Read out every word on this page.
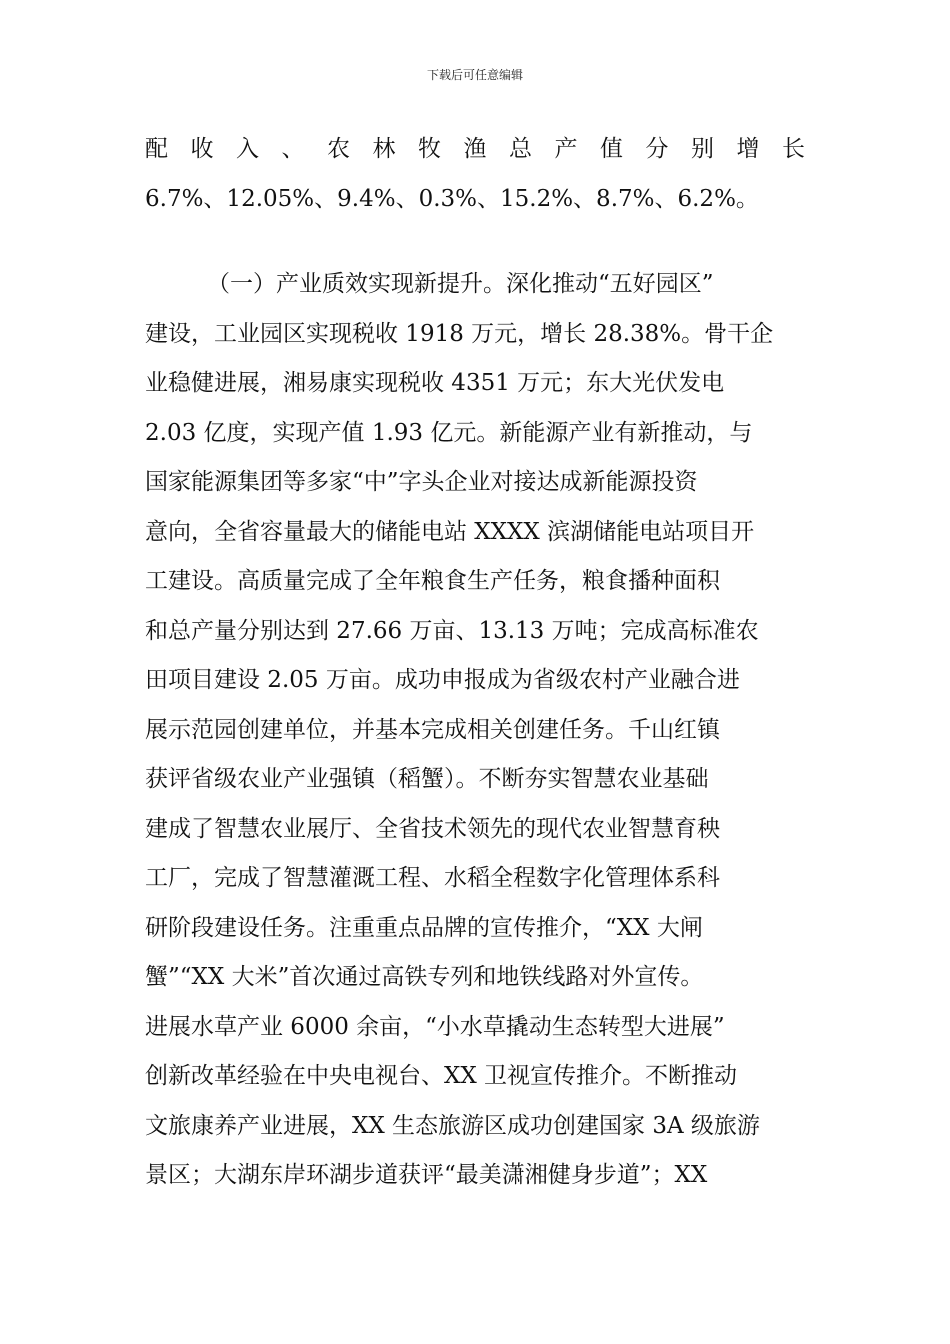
下载后可任意编辑
配收入、农林牧渔总产值分别增长
6.7%、12.05%、9.4%、0.3%、15.2%、8.7%、6.2%。
（一）产业质效实现新提升。深化推动“五好园区”
建设，工业园区实现税收 1918 万元，增长 28.38%。骨干企
业稳健进展，湘易康实现税收 4351 万元；东大光伏发电
2.03 亿度，实现产值 1.93 亿元。新能源产业有新推动，与
国家能源集团等多家“中”字头企业对接达成新能源投资
意向，全省容量最大的储能电站 XXXX 滨湖储能电站项目开
工建设。高质量完成了全年粮食生产任务，粮食播种面积
和总产量分别达到 27.66 万亩、13.13 万吨；完成高标准农
田项目建设 2.05 万亩。成功申报成为省级农村产业融合进
展示范园创建单位，并基本完成相关创建任务。千山红镇
获评省级农业产业强镇（稻蟹）。不断夯实智慧农业基础
建成了智慧农业展厅、全省技术领先的现代农业智慧育秧
工厂，完成了智慧灌溉工程、水稻全程数字化管理体系科
研阶段建设任务。注重重点品牌的宣传推介，“XX 大闸
蟹”“XX 大米”首次通过高铁专列和地铁线路对外宣传。
进展水草产业 6000 余亩，“小水草撬动生态转型大进展”
创新改革经验在中央电视台、XX 卫视宣传推介。不断推动
文旅康养产业进展，XX 生态旅游区成功创建国家 3A 级旅游
景区；大湖东岸环湖步道获评“最美潇湘健身步道”；XX
